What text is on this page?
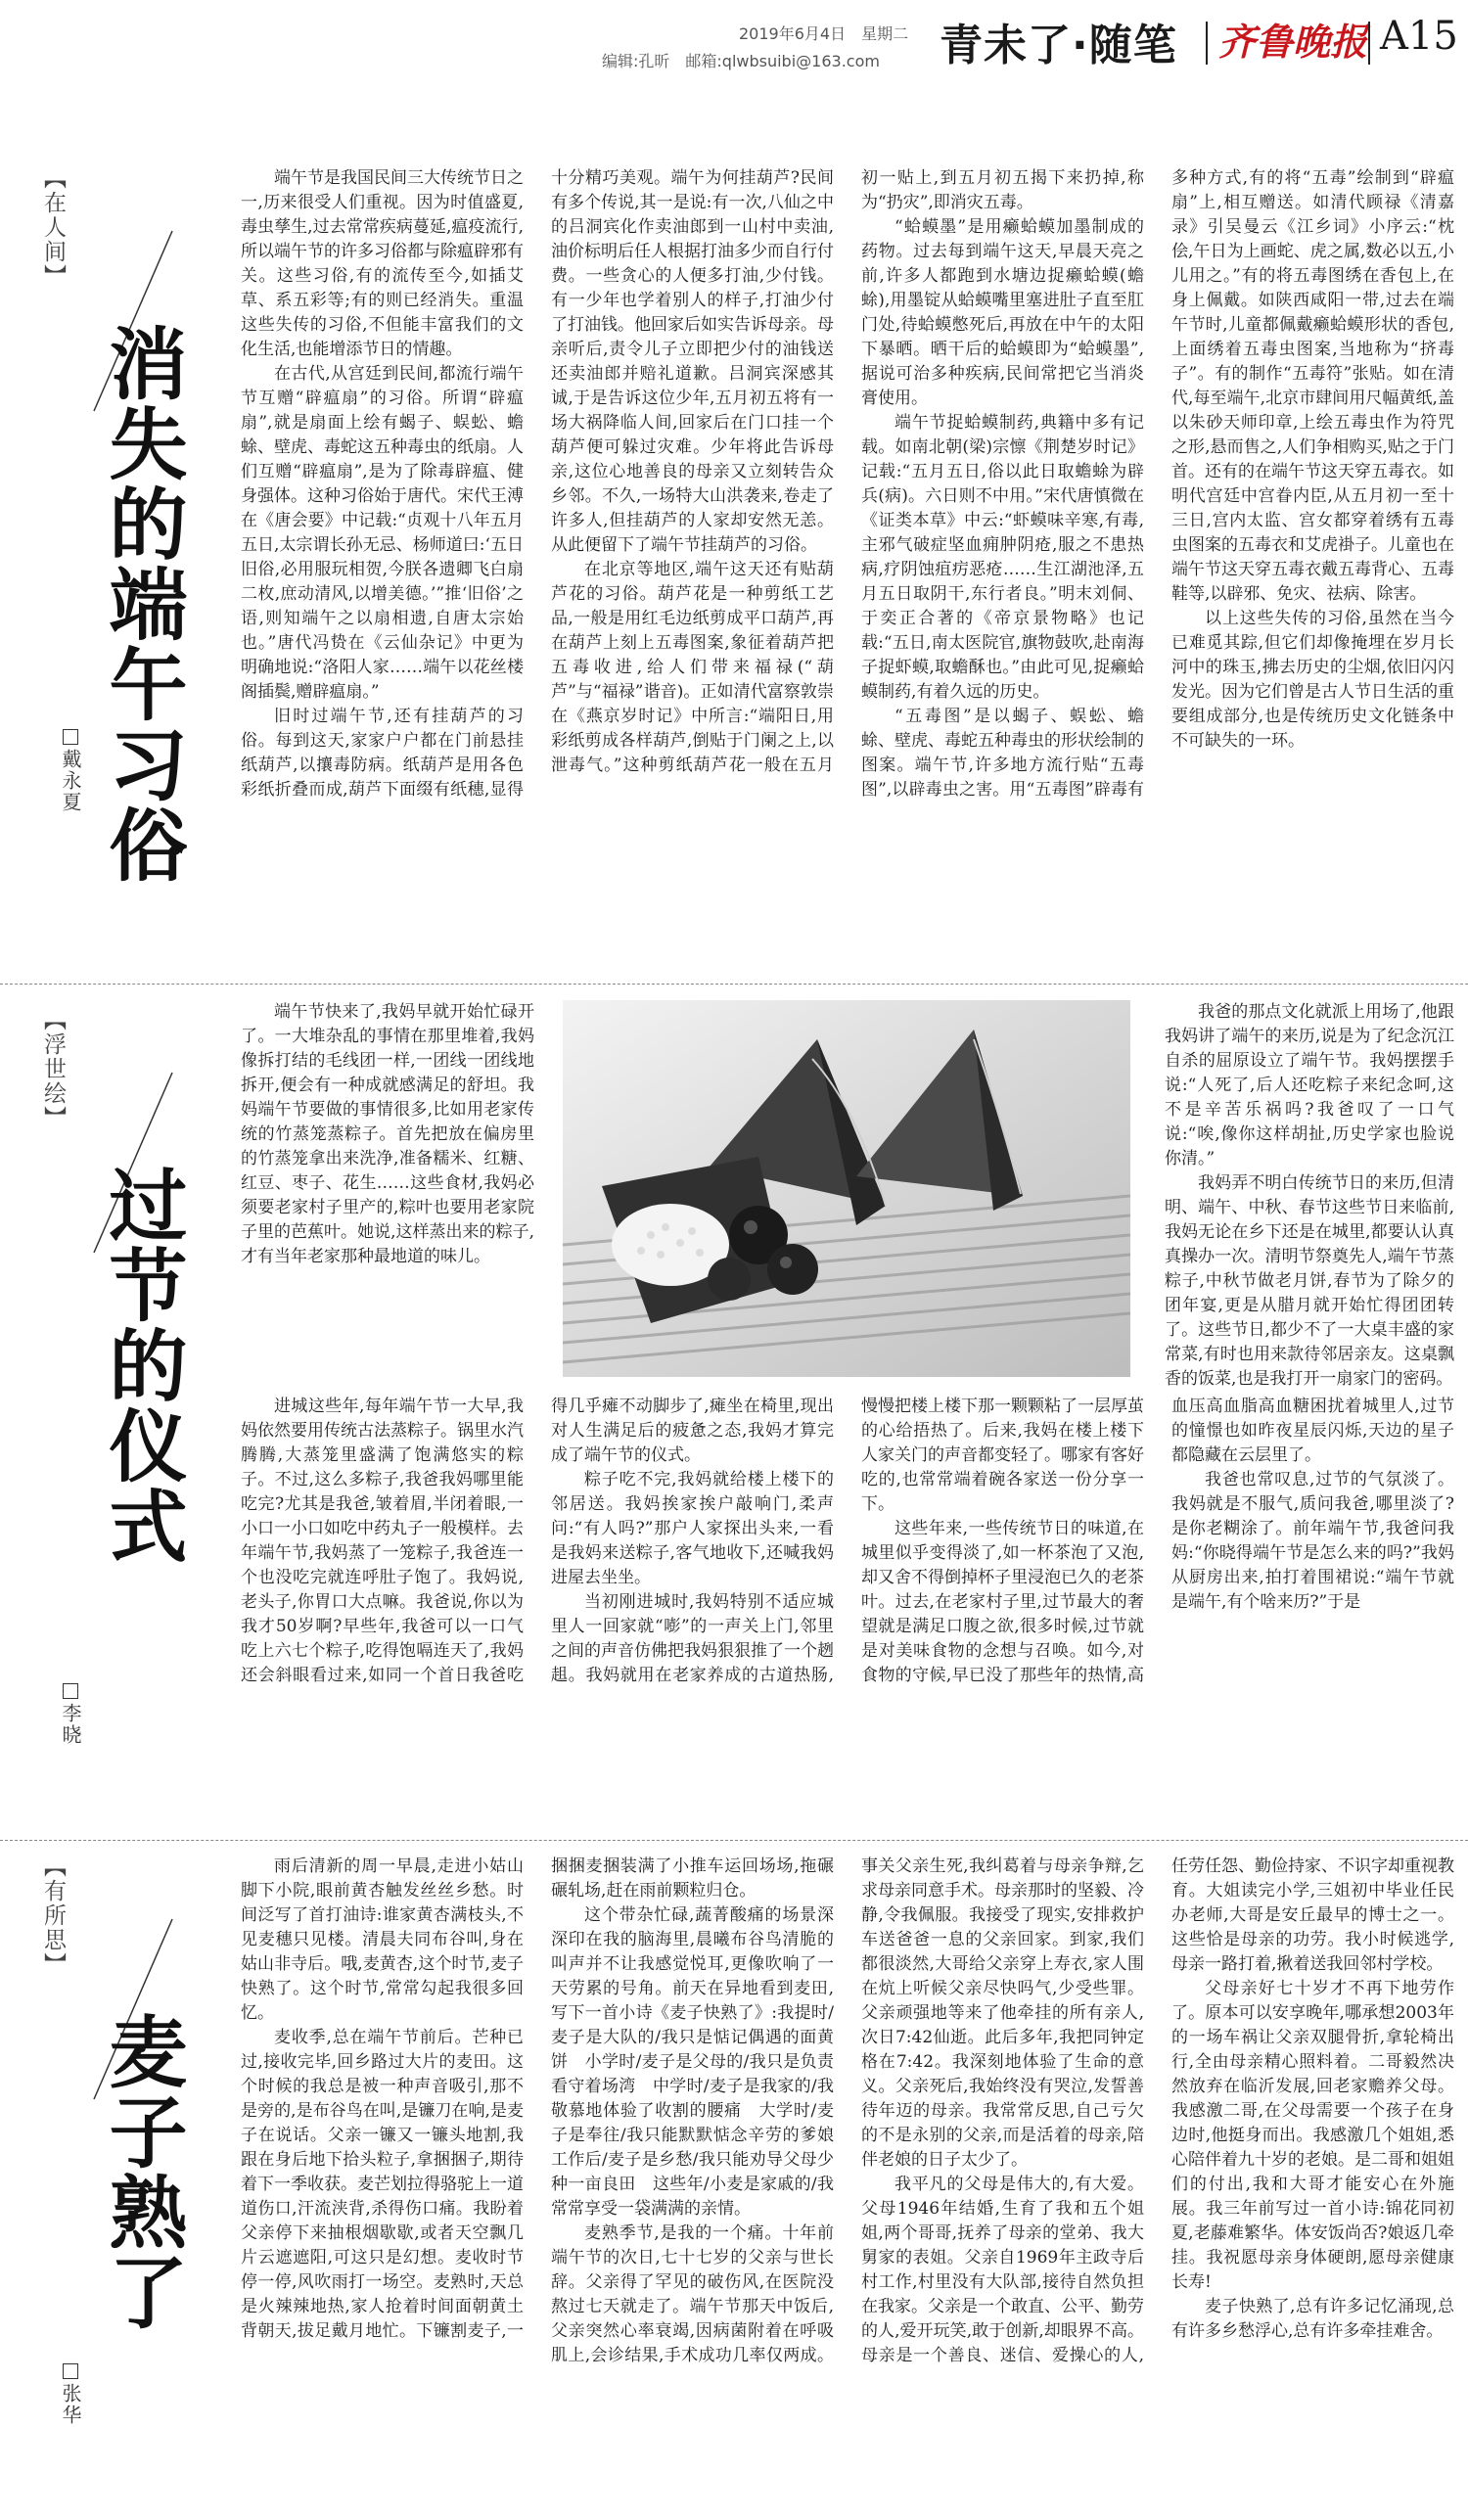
2019年6月4日　星期二
编辑:孔昕　邮箱:qlwbsuibi@163.com 青未了·随笔 齐鲁晚报 A15
【在人间】
消失的端午习俗
戴永夏

端午节是我国民间三大传统节日之一,历来很受人们重视。因为时值盛夏,毒虫孳生,过去常常疾病蔓延,瘟疫流行,所以端午节的许多习俗都与除瘟辟邪有关。这些习俗,有的流传至今,如插艾草、系五彩等;有的则已经消失。重温这些失传的习俗,不但能丰富我们的文化生活,也能增添节日的情趣。

在古代,从宫廷到民间,都流行端午节互赠“辟瘟扇”的习俗。所谓“辟瘟扇”,就是扇面上绘有蝎子、蜈蚣、蟾蜍、壁虎、毒蛇这五种毒虫的纸扇。人们互赠“辟瘟扇”,是为了除毒辟瘟、健身强体。这种习俗始于唐代。宋代王溥在《唐会要》中记载:“贞观十八年五月五日,太宗谓长孙无忌、杨师道曰:‘五日旧俗,必用服玩相贺,今朕各遗卿飞白扇二枚,庶动清风,以增美德。’”推‘旧俗’之语,则知端午之以扇相遗,自唐太宗始也。”唐代冯贽在《云仙杂记》中更为明确地说:“洛阳人家……端午以花丝楼阁插鬓,赠辟瘟扇。”

旧时过端午节,还有挂葫芦的习俗。每到这天,家家户户都在门前悬挂纸葫芦,以攘毒防病。纸葫芦是用各色彩纸折叠而成,葫芦下面缀有纸穗,显得十分精巧美观。端午为何挂葫芦?民间有多个传说,其一是说:有一次,八仙之中的吕洞宾化作卖油郎到一山村中卖油,油价标明后任人根据打油多少而自行付费。一些贪心的人便多打油,少付钱。有一少年也学着别人的样子,打油少付了打油钱。他回家后如实告诉母亲。母亲听后,责令儿子立即把少付的油钱送还卖油郎并赔礼道歉。吕洞宾深感其诚,于是告诉这位少年,五月初五将有一场大祸降临人间,回家后在门口挂一个葫芦便可躲过灾难。少年将此告诉母亲,这位心地善良的母亲又立刻转告众乡邻。不久,一场特大山洪袭来,卷走了许多人,但挂葫芦的人家却安然无恙。从此便留下了端午节挂葫芦的习俗。

在北京等地区,端午这天还有贴葫芦花的习俗。葫芦花是一种剪纸工艺品,一般是用红毛边纸剪成平口葫芦,再在葫芦上刻上五毒图案,象征着葫芦把五毒收进,给人们带来福禄(“葫芦”与“福禄”谐音)。正如清代富察敦崇在《燕京岁时记》中所言:“端阳日,用彩纸剪成各样葫芦,倒贴于门阑之上,以泄毒气。”这种剪纸葫芦花一般在五月初一贴上,到五月初五揭下来扔掉,称为“扔灾”,即消灾五毒。

“蛤蟆墨”是用癞蛤蟆加墨制成的药物。过去每到端午这天,早晨天亮之前,许多人都跑到水塘边捉癞蛤蟆(蟾蜍),用墨锭从蛤蟆嘴里塞进肚子直至肛门处,待蛤蟆憋死后,再放在中午的太阳下暴晒。晒干后的蛤蟆即为“蛤蟆墨”,据说可治多种疾病,民间常把它当消炎膏使用。

端午节捉蛤蟆制药,典籍中多有记载。如南北朝(梁)宗懔《荆楚岁时记》记载:“五月五日,俗以此日取蟾蜍为辟兵(病)。六日则不中用。”宋代唐慎微在《证类本草》中云:“虾蟆味辛寒,有毒,主邪气破症坚血痈肿阴疮,服之不患热病,疗阴蚀疽疠恶疮……生江湖池泽,五月五日取阴干,东行者良。”明末刘侗、于奕正合著的《帝京景物略》也记载:“五日,南太医院官,旗物鼓吹,赴南海子捉虾蟆,取蟾酥也。”由此可见,捉癞蛤蟆制药,有着久远的历史。

“五毒图”是以蝎子、蜈蚣、蟾蜍、壁虎、毒蛇五种毒虫的形状绘制的图案。端午节,许多地方流行贴“五毒图”,以辟毒虫之害。用“五毒图”辟毒有多种方式,有的将“五毒”绘制到“辟瘟扇”上,相互赠送。如清代顾禄《清嘉录》引吴曼云《江乡词》小序云:“枕侩,午日为上画蛇、虎之属,数必以五,小儿用之。”有的将五毒图绣在香包上,在身上佩戴。如陕西咸阳一带,过去在端午节时,儿童都佩戴癞蛤蟆形状的香包,上面绣着五毒虫图案,当地称为“挤毒子”。有的制作“五毒符”张贴。如在清代,每至端午,北京市肆间用尺幅黄纸,盖以朱砂天师印章,上绘五毒虫作为符咒之形,悬而售之,人们争相购买,贴之于门首。还有的在端午节这天穿五毒衣。如明代宫廷中宫眷内臣,从五月初一至十三日,宫内太监、宫女都穿着绣有五毒虫图案的五毒衣和艾虎褂子。儿童也在端午节这天穿五毒衣戴五毒背心、五毒鞋等,以辟邪、免灾、祛病、除害。

以上这些失传的习俗,虽然在当今已难觅其踪,但它们却像掩埋在岁月长河中的珠玉,拂去历史的尘烟,依旧闪闪发光。因为它们曾是古人节日生活的重要组成部分,也是传统历史文化链条中不可缺失的一环。

【浮世绘】
过节的仪式
李晓

端午节快来了,我妈早就开始忙碌开了。一大堆杂乱的事情在那里堆着,我妈像拆打结的毛线团一样,一团线一团线地拆开,便会有一种成就感满足的舒坦。我妈端午节要做的事情很多,比如用老家传统的竹蒸笼蒸粽子。首先把放在偏房里的竹蒸笼拿出来洗净,准备糯米、红糖、红豆、枣子、花生……这些食材,我妈必须要老家村子里产的,粽叶也要用老家院子里的芭蕉叶。她说,这样蒸出来的粽子,才有当年老家那种最地道的味儿。

我爸的那点文化就派上用场了,他跟我妈讲了端午的来历,说是为了纪念沉江自杀的屈原设立了端午节。我妈摆摆手说:“人死了,后人还吃粽子来纪念呵,这不是辛苦乐祸吗?我爸叹了一口气说:“唉,像你这样胡扯,历史学家也脸说你清。”

我妈弄不明白传统节日的来历,但清明、端午、中秋、春节这些节日来临前,我妈无论在乡下还是在城里,都要认认真真操办一次。清明节祭奠先人,端午节蒸粽子,中秋节做老月饼,春节为了除夕的团年宴,更是从腊月就开始忙得团团转了。这些节日,都少不了一大桌丰盛的家常菜,有时也用来款待邻居亲友。这桌飘香的饭菜,也是我打开一扇家门的密码。

进城这些年,每年端午节一大早,我妈依然要用传统古法蒸粽子。锅里水汽腾腾,大蒸笼里盛满了饱满悠实的粽子。不过,这么多粽子,我爸我妈哪里能吃完?尤其是我爸,皱着眉,半闭着眼,一小口一小口如吃中药丸子一般模样。去年端午节,我妈蒸了一笼粽子,我爸连一个也没吃完就连呼肚子饱了。我妈说,老头子,你胃口大点嘛。我爸说,你以为我才50岁啊?早些年,我爸可以一口气吃上六七个粽子,吃得饱嗝连天了,我妈还会斜眼看过来,如同一个首日我爸吃得几乎瘫不动脚步了,瘫坐在椅里,现出对人生满足后的疲惫之态,我妈才算完成了端午节的仪式。

粽子吃不完,我妈就给楼上楼下的邻居送。我妈挨家挨户敲响门,柔声问:“有人吗?”那户人家探出头来,一看是我妈来送粽子,客气地收下,还喊我妈进屋去坐坐。

当初刚进城时,我妈特别不适应城里人一回家就“嘭”的一声关上门,邻里之间的声音仿佛把我妈狠狠推了一个趔趄。我妈就用在老家养成的古道热肠,慢慢把楼上楼下那一颗颗粘了一层厚茧的心给捂热了。后来,我妈在楼上楼下人家关门的声音都变轻了。哪家有客好吃的,也常常端着碗各家送一份分享一下。

这些年来,一些传统节日的味道,在城里似乎变得淡了,如一杯茶泡了又泡,却又舍不得倒掉杯子里浸泡已久的老茶叶。过去,在老家村子里,过节最大的奢望就是满足口腹之欲,很多时候,过节就是对美味食物的念想与召唤。如今,对食物的守候,早已没了那些年的热情,高血压高血脂高血糖困扰着城里人,过节的憧憬也如昨夜星辰闪烁,天边的星子都隐藏在云层里了。

我爸也常叹息,过节的气氛淡了。我妈就是不服气,质问我爸,哪里淡了?是你老糊涂了。前年端午节,我爸问我妈:“你晓得端午节是怎么来的吗?”我妈从厨房出来,拍打着围裙说:“端午节就是端午,有个啥来历?”于是

【有所思】
麦子熟了
张华

雨后清新的周一早晨,走进小姑山脚下小院,眼前黄杏触发丝丝乡愁。时间泛写了首打油诗:谁家黄杏满枝头,不见麦穗只见楼。清晨夫同布谷叫,身在姑山非寺后。哦,麦黄杏,这个时节,麦子快熟了。这个时节,常常勾起我很多回忆。

麦收季,总在端午节前后。芒种已过,接收完毕,回乡路过大片的麦田。这个时候的我总是被一种声音吸引,那不是旁的,是布谷鸟在叫,是镰刀在响,是麦子在说话。父亲一镰又一镰头地割,我跟在身后地下拾头粒子,拿捆捆子,期待着下一季收获。麦芒划拉得骆驼上一道道伤口,汗流浃背,杀得伤口痛。我盼着父亲停下来抽根烟歇歇,或者天空飘几片云遮遮阳,可这只是幻想。麦收时节停一停,风吹雨打一场空。麦熟时,天总是火辣辣地热,家人抢着时间面朝黄土背朝天,拔足戴月地忙。下镰割麦子,一捆捆麦捆装满了小推车运回场场,拖碾碾轧场,赶在雨前颗粒归仓。

这个带杂忙碌,蔬菁酸痛的场景深深印在我的脑海里,晨曦布谷鸟清脆的叫声并不让我感觉悦耳,更像吹响了一天劳累的号角。前天在异地看到麦田,写下一首小诗《麦子快熟了》:我提时/麦子是大队的/我只是惦记偶遇的面黄饼　小学时/麦子是父母的/我只是负责看守着场湾　中学时/麦子是我家的/我敬慕地体验了收割的腰痛　大学时/麦子是奉往/我只能默默惦念辛劳的爹娘　工作后/麦子是乡愁/我只能劝导父母少种一亩良田　这些年/小麦是家戚的/我常常享受一袋满满的亲情。

麦熟季节,是我的一个痛。十年前端午节的次日,七十七岁的父亲与世长辞。父亲得了罕见的破伤风,在医院没熬过七天就走了。端午节那天中饭后,父亲突然心率衰竭,因病菌附着在呼吸肌上,会诊结果,手术成功几率仅两成。事关父亲生死,我纠葛着与母亲争辩,乞求母亲同意手术。母亲那时的坚毅、冷静,令我佩服。我接受了现实,安排救护车送爸爸一息的父亲回家。到家,我们都很淡然,大哥给父亲穿上寿衣,家人围在炕上听候父亲尽快吗气,少受些罪。父亲顽强地等来了他牵挂的所有亲人,次日7:42仙逝。此后多年,我把同钟定格在7:42。我深刻地体验了生命的意义。父亲死后,我始终没有哭泣,发誓善待年迈的母亲。我常常反思,自己亏欠的不是永别的父亲,而是活着的母亲,陪伴老娘的日子太少了。

我平凡的父母是伟大的,有大爱。父母1946年结婚,生育了我和五个姐姐,两个哥哥,抚养了母亲的堂弟、我大舅家的表姐。父亲自1969年主政寺后村工作,村里没有大队部,接待自然负担在我家。父亲是一个敢直、公平、勤劳的人,爱开玩笑,敢于创新,却眼界不高。母亲是一个善良、迷信、爱操心的人,任劳任怨、勤俭持家、不识字却重视教育。大姐读完小学,三姐初中毕业任民办老师,大哥是安丘最早的博士之一。这些恰是母亲的功劳。我小时候逃学,母亲一路打着,揪着送我回邻村学校。

父母亲好七十岁才不再下地劳作了。原本可以安享晚年,哪承想2003年的一场车祸让父亲双腿骨折,拿轮椅出行,全由母亲精心照料着。二哥毅然决然放弃在临沂发展,回老家赡养父母。我感激二哥,在父母需要一个孩子在身边时,他挺身而出。我感激几个姐姐,悉心陪伴着九十岁的老娘。是二哥和姐姐们的付出,我和大哥才能安心在外施展。我三年前写过一首小诗:锦花同初夏,老藤难繁华。体安饭尚否?娘返几牵挂。我祝愿母亲身体硬朗,愿母亲健康长寿!

麦子快熟了,总有许多记忆涌现,总有许多乡愁浮心,总有许多牵挂难舍。
